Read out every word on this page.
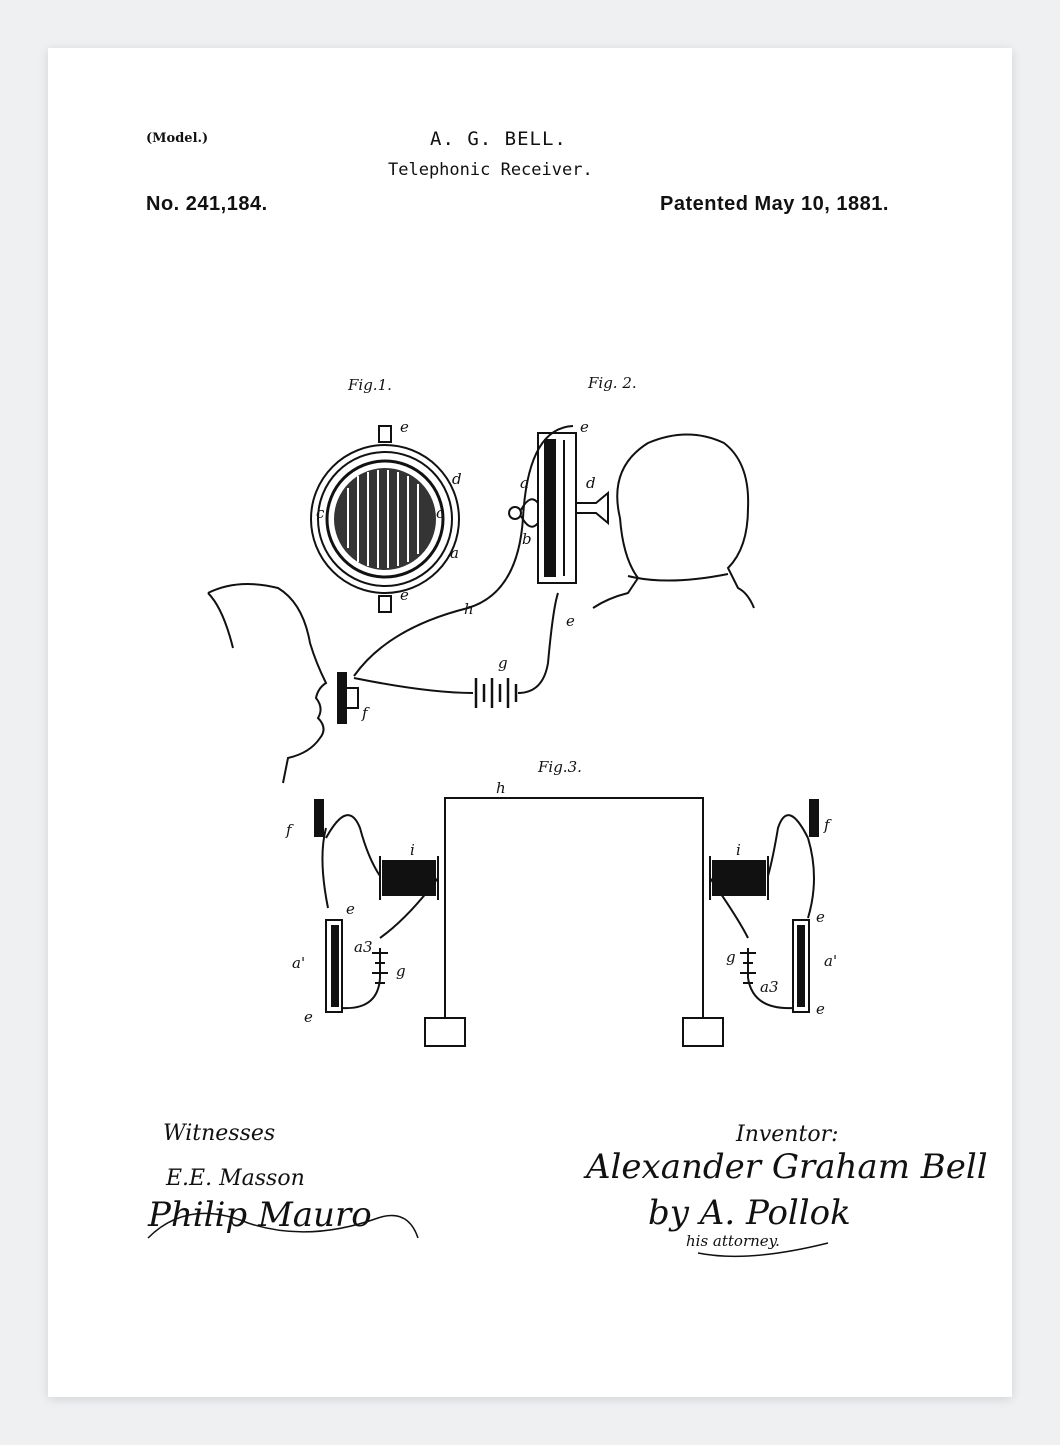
(Model.)	A. G. BELL.
Telephonic Receiver.
No. 241,184.	Patented May 10, 1881.
Fig.1.	Fig. 2.
Fig.3.
e
d
c	c
a
e
h
g
f
e
a	d
b
e
h
i	i
f	f
a'	a'
a3
a3
g
g
e
e
e
e
Witnesses
E.E. Masson
Philip Mauro
Inventor:
Alexander Graham Bell
by A. Pollok
his attorney.
